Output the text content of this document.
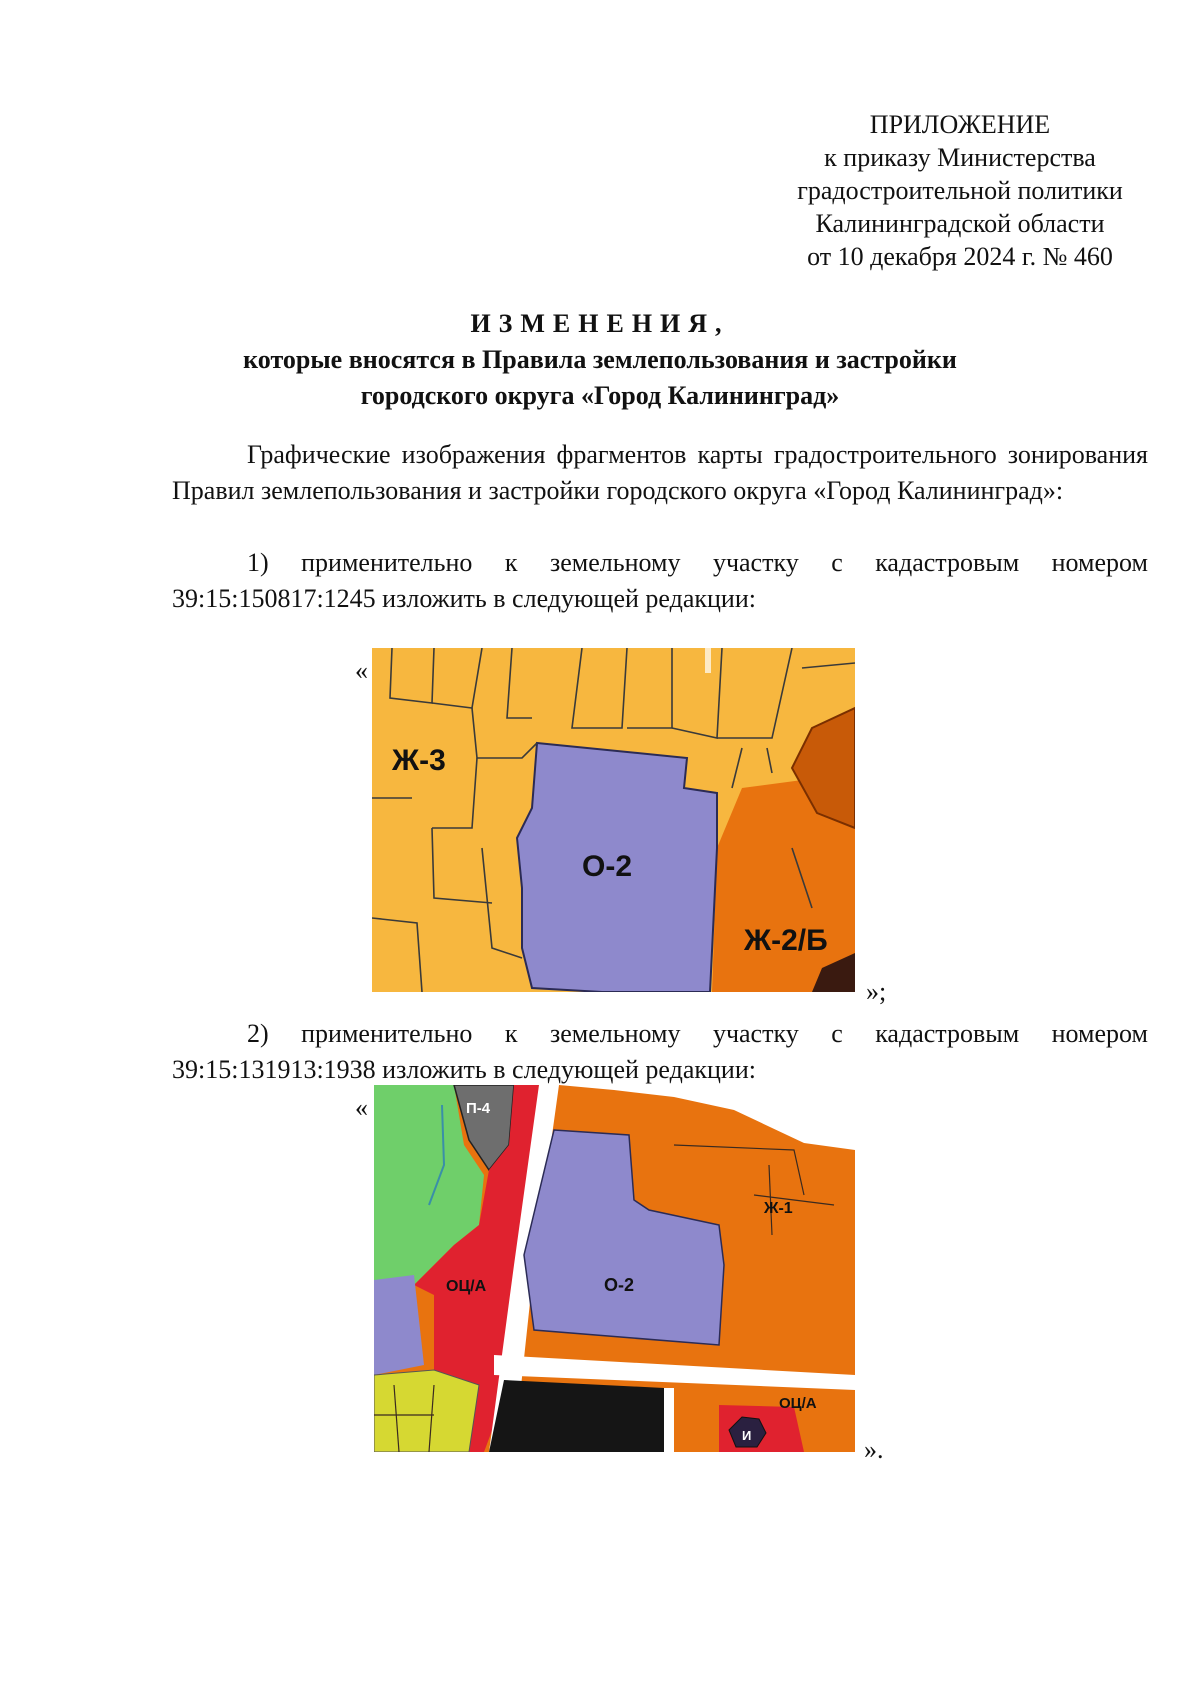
ПРИЛОЖЕНИЕ
к приказу Министерства
градостроительной политики
Калининградской области
от 10 декабря 2024 г. № 460
ИЗМЕНЕНИЯ,
которые вносятся в Правила землепользования и застройки
городского округа «Город Калининград»
Графические изображения фрагментов карты градостроительного зонирования Правил землепользования и застройки городского округа «Город Калининград»:
1) применительно к земельному участку с кадастровым номером 39:15:150817:1245 изложить в следующей редакции:
«
Ж-3
О-2
Ж-2/Б
»;
2) применительно к земельному участку с кадастровым номером 39:15:131913:1938 изложить в следующей редакции:
«	П-4
Ж-1
ОЦ/А	О-2
ОЦ/А
И	».
